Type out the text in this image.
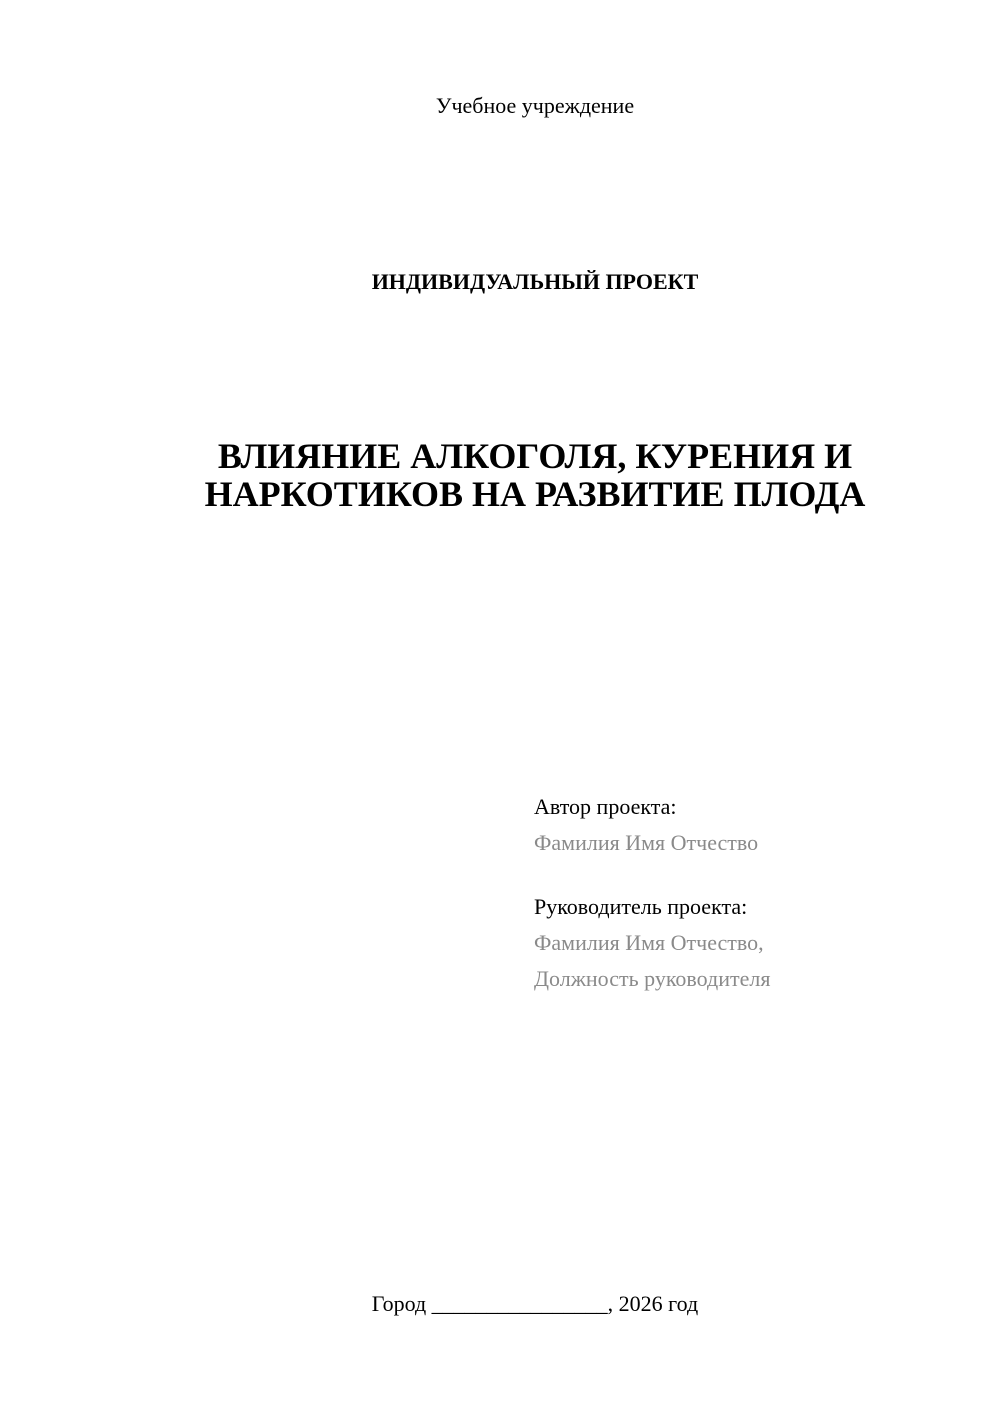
Учебное учреждение
ИНДИВИДУАЛЬНЫЙ ПРОЕКТ
ВЛИЯНИЕ АЛКОГОЛЯ, КУРЕНИЯ И
НАРКОТИКОВ НА РАЗВИТИЕ ПЛОДА
Автор проекта:
Фамилия Имя Отчество
Руководитель проекта:
Фамилия Имя Отчество,
Должность руководителя
Город ________________, 2026 год
